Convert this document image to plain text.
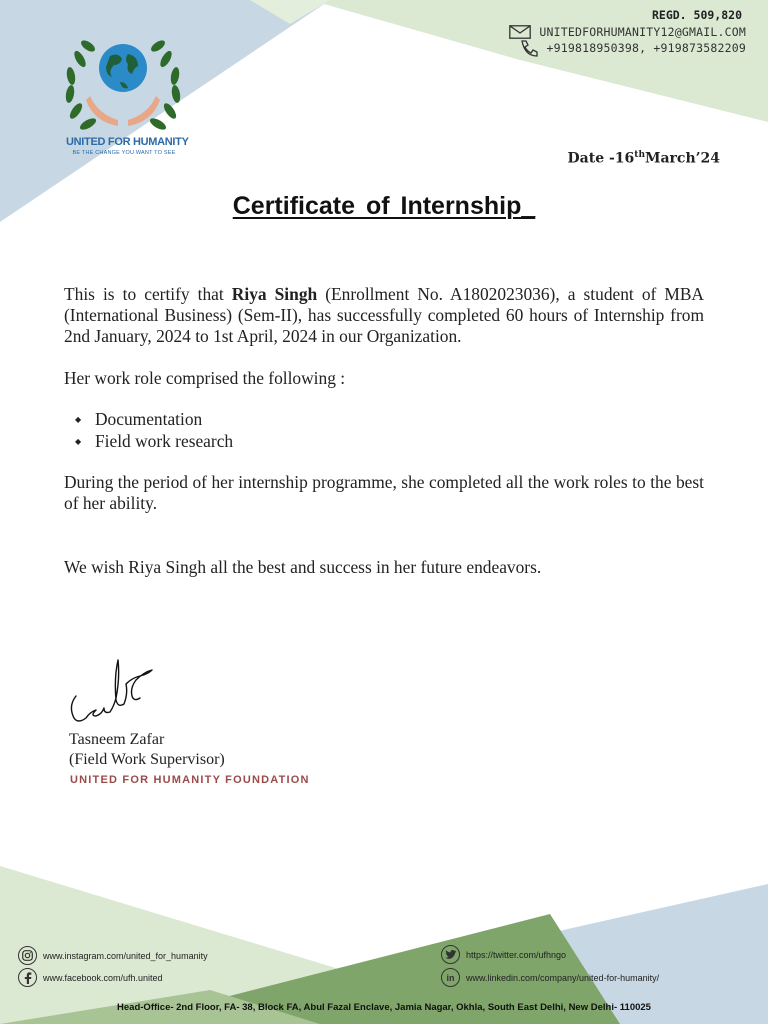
UNITED FOR HUMANITY
BE THE CHANGE YOU WANT TO SEE
REGD. 509,820
UNITEDFORHUMANITY12@GMAIL.COM
+919818950398, +919873582209
Date -16thMarch’24
Certificate of Internship_
This is to certify that Riya Singh (Enrollment No. A1802023036), a student of MBA (International Business) (Sem-II), has successfully completed 60 hours of Internship from 2nd January, 2024 to 1st April, 2024 in our Organization.
Her work role comprised the following :
◆ Documentation
◆ Field work research
During the period of her internship programme, she completed all the work roles to the best of her ability.
We wish Riya Singh all the best and success in her future endeavors.
Tasneem Zafar
(Field Work Supervisor)
UNITED FOR HUMANITY FOUNDATION
www.instagram.com/united_for_humanity
www.facebook.com/ufh.united
https://twitter.com/ufhngo
in	www.linkedin.com/company/united-for-humanity/
Head-Office- 2nd Floor, FA- 38, Block FA, Abul Fazal Enclave, Jamia Nagar, Okhla, South East Delhi, New Delhi- 110025
